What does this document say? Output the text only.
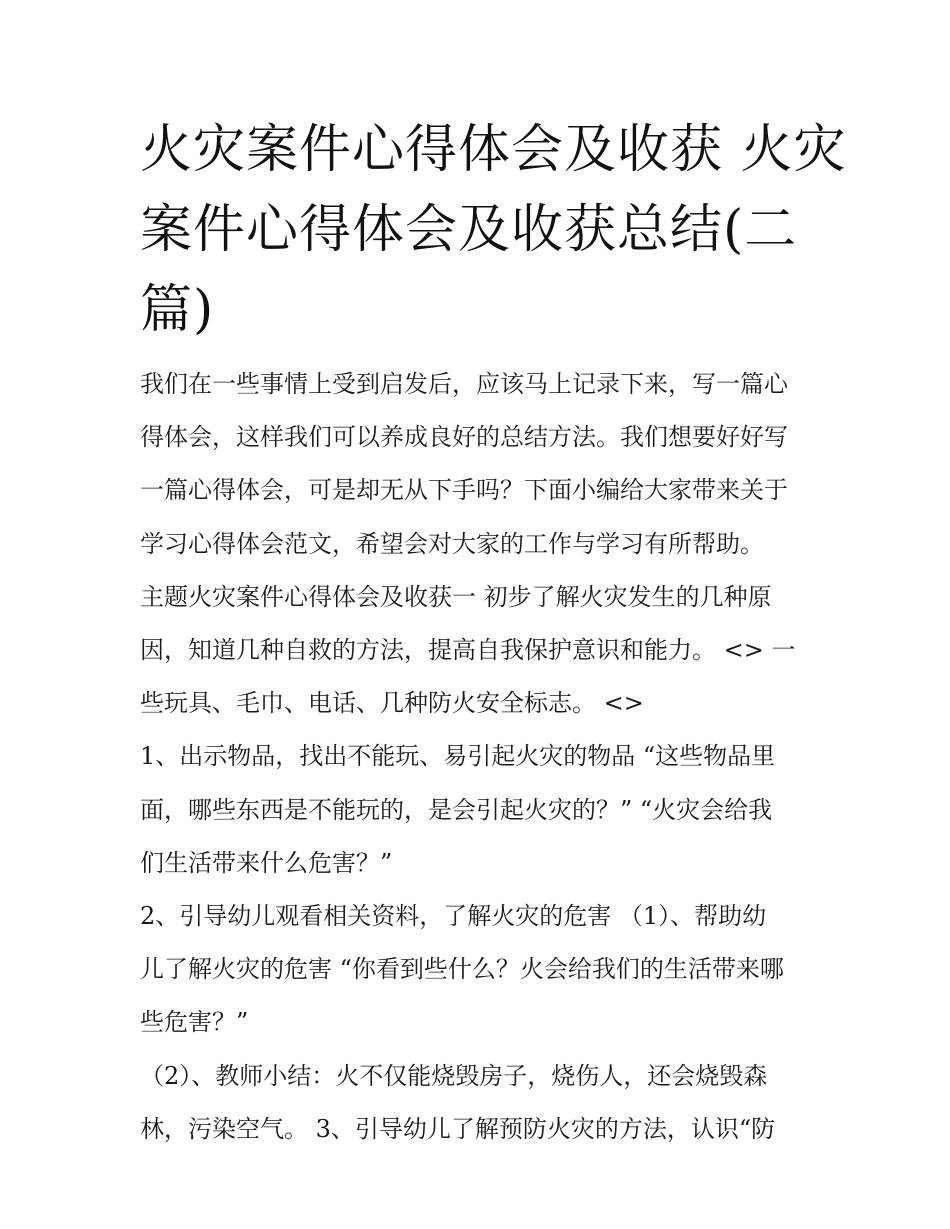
火灾案件心得体会及收获 火灾
案件心得体会及收获总结(二
篇)
我们在一些事情上受到启发后，应该马上记录下来，写一篇心
得体会，这样我们可以养成良好的总结方法。我们想要好好写
一篇心得体会，可是却无从下手吗？下面小编给大家带来关于
学习心得体会范文，希望会对大家的工作与学习有所帮助。
主题火灾案件心得体会及收获一 初步了解火灾发生的几种原
因，知道几种自救的方法，提高自我保护意识和能力。 <> 一
些玩具、毛巾、电话、几种防火安全标志。 <>
1、出示物品，找出不能玩、易引起火灾的物品 “这些物品里
面，哪些东西是不能玩的，是会引起火灾的？” “火灾会给我
们生活带来什么危害？”
2、引导幼儿观看相关资料，了解火灾的危害 （1）、帮助幼
儿了解火灾的危害 “你看到些什么？火会给我们的生活带来哪
些危害？”
（2）、教师小结：火不仅能烧毁房子，烧伤人，还会烧毁森
林，污染空气。 3、引导幼儿了解预防火灾的方法，认识“防
